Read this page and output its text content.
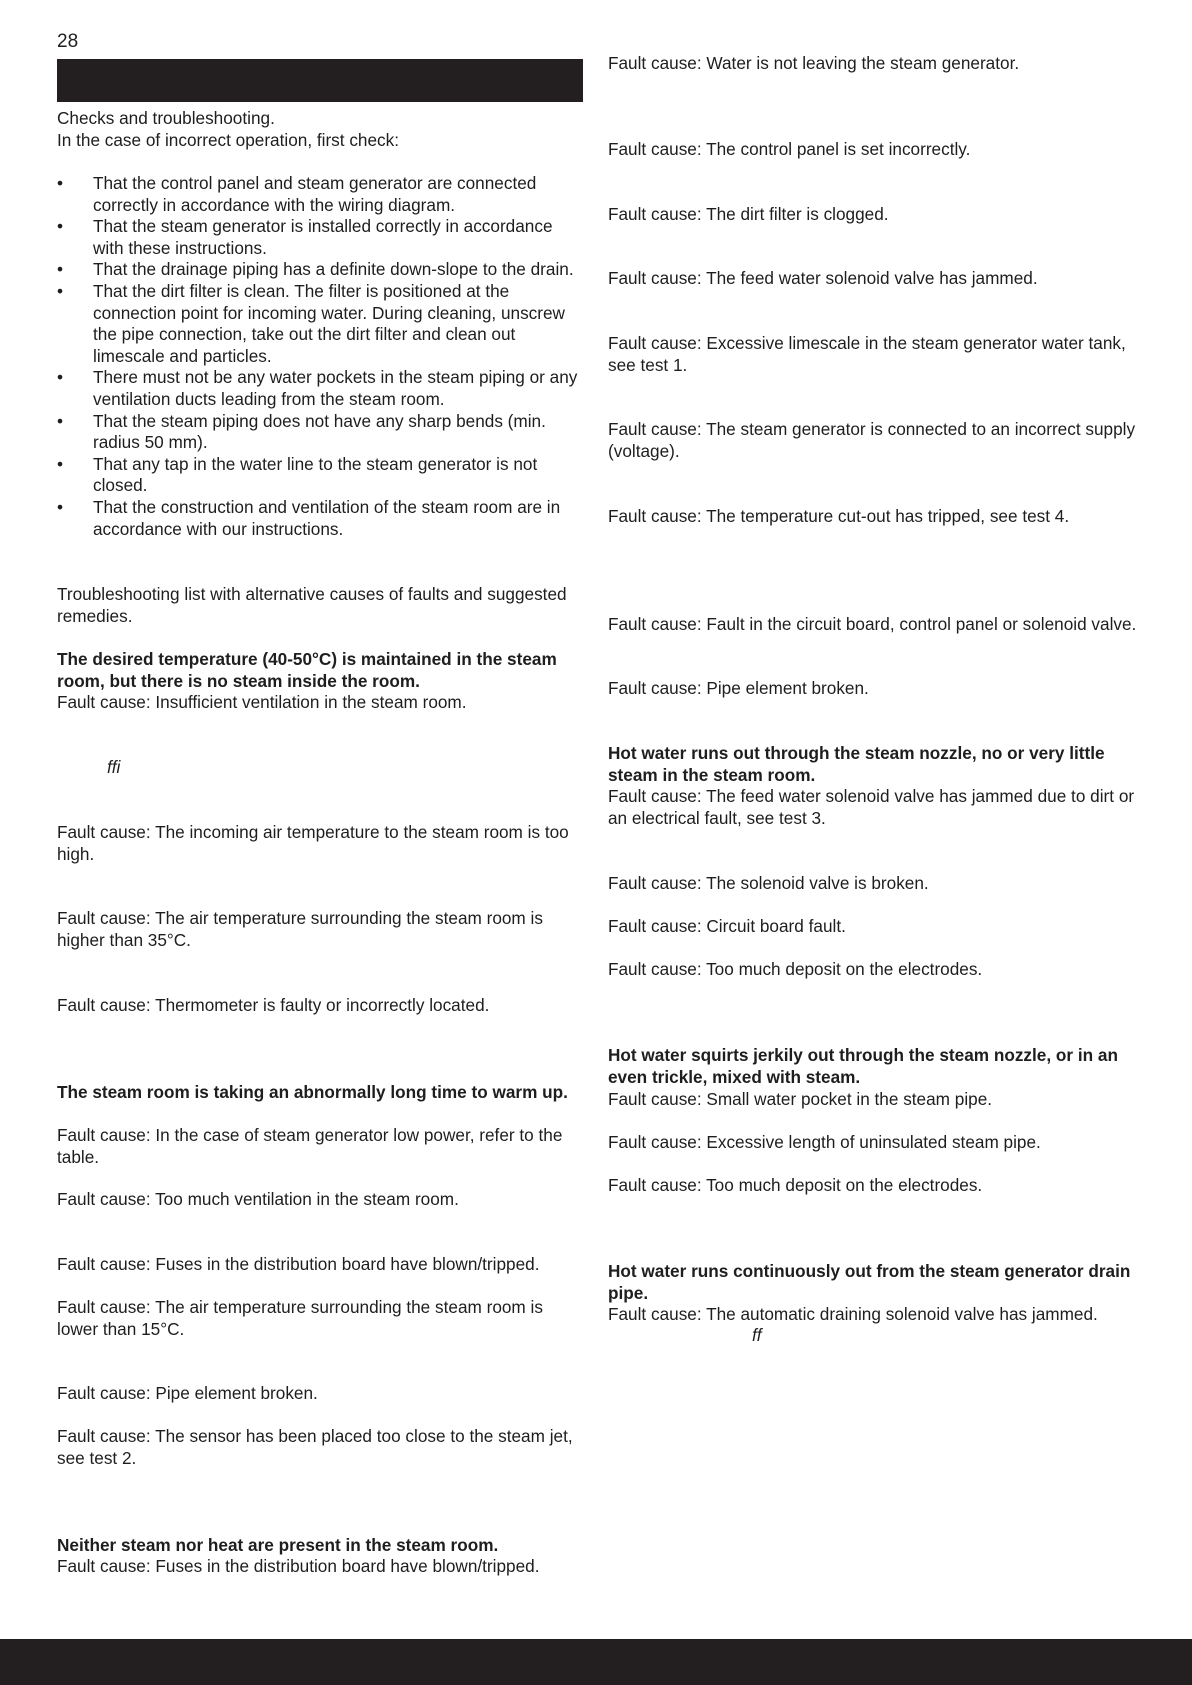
28

Checks and troubleshooting.

In the case of incorrect operation, first check:

• That the control panel and steam generator are connected correctly in accordance with the wiring diagram.
• That the steam generator is installed correctly in accordance with these instructions.
• That the drainage piping has a definite down-slope to the drain.
• That the dirt filter is clean. The filter is positioned at the connection point for incoming water. During cleaning, unscrew the pipe connection, take out the dirt filter and clean out limescale and particles.
• There must not be any water pockets in the steam piping or any ventilation ducts leading from the steam room.
• That the steam piping does not have any sharp bends (min. radius 50 mm).
• That any tap in the water line to the steam generator is not closed.
• That the construction and ventilation of the steam room are in accordance with our instructions.

Troubleshooting list with alternative causes of faults and suggested remedies.

The desired temperature (40-50°C) is maintained in the steam room, but there is no steam inside the room.

Fault cause: Insufficient ventilation in the steam room.

ffi

Fault cause: The incoming air temperature to the steam room is too high.

Fault cause: The air temperature surrounding the steam room is higher than 35°C.

Fault cause: Thermometer is faulty or incorrectly located.

The steam room is taking an abnormally long time to warm up.

Fault cause: In the case of steam generator low power, refer to the table.

Fault cause: Too much ventilation in the steam room.

Fault cause: Fuses in the distribution board have blown/tripped.

Fault cause: The air temperature surrounding the steam room is lower than 15°C.

Fault cause: Pipe element broken.

Fault cause: The sensor has been placed too close to the steam jet, see test 2.

Neither steam nor heat are present in the steam room.

Fault cause: Fuses in the distribution board have blown/tripped.

Fault cause: Water is not leaving the steam generator.

Fault cause: The control panel is set incorrectly.

Fault cause: The dirt filter is clogged.

Fault cause: The feed water solenoid valve has jammed.

Fault cause: Excessive limescale in the steam generator water tank, see test 1.

Fault cause: The steam generator is connected to an incorrect supply (voltage).

Fault cause: The temperature cut-out has tripped, see test 4.

Fault cause: Fault in the circuit board, control panel or solenoid valve.

Fault cause: Pipe element broken.

Hot water runs out through the steam nozzle, no or very little steam in the steam room.

Fault cause: The feed water solenoid valve has jammed due to dirt or an electrical fault, see test 3.

Fault cause: The solenoid valve is broken.

Fault cause: Circuit board fault.

Fault cause: Too much deposit on the electrodes.

Hot water squirts jerkily out through the steam nozzle, or in an even trickle, mixed with steam.

Fault cause: Small water pocket in the steam pipe.

Fault cause: Excessive length of uninsulated steam pipe.

Fault cause: Too much deposit on the electrodes.

Hot water runs continuously out from the steam generator drain pipe.

Fault cause: The automatic draining solenoid valve has jammed.

ff
